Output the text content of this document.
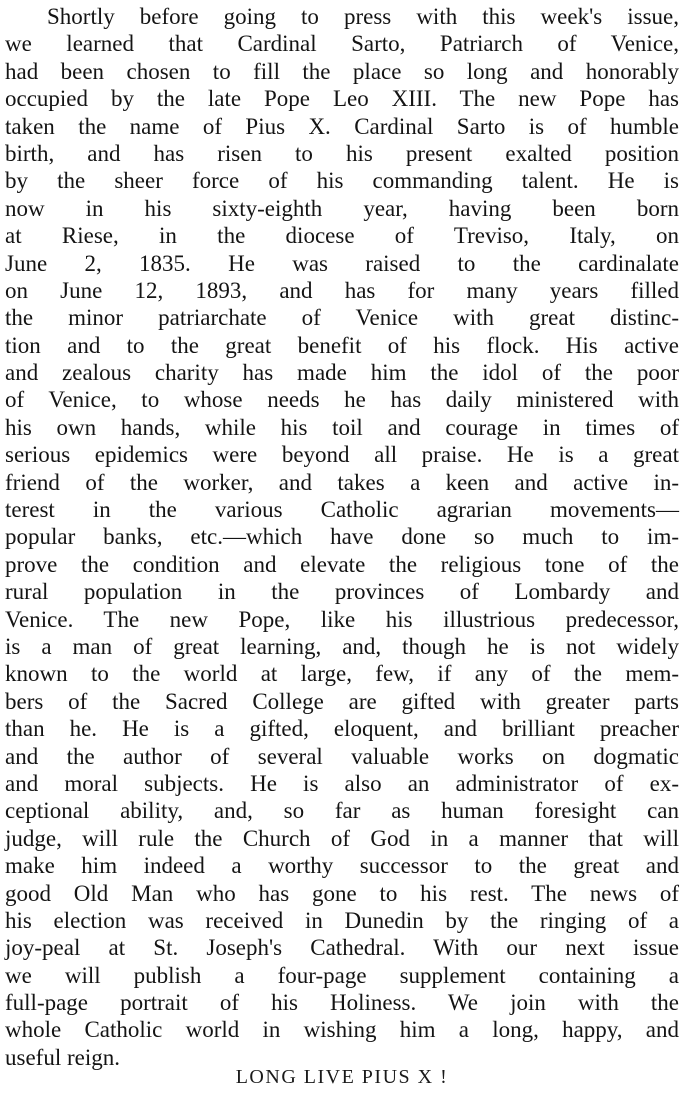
Shortly before going to press with this week's issue,
we learned that Cardinal Sarto, Patriarch of Venice,
had been chosen to fill the place so long and honorably
occupied by the late Pope Leo XIII. The new Pope has
taken the name of Pius X. Cardinal Sarto is of humble
birth, and has risen to his present exalted position
by the sheer force of his commanding talent. He is
now in his sixty-eighth year, having been born
at Riese, in the diocese of Treviso, Italy, on
June 2, 1835. He was raised to the cardinalate
on June 12, 1893, and has for many years filled
the minor patriarchate of Venice with great distinc-
tion and to the great benefit of his flock. His active
and zealous charity has made him the idol of the poor
of Venice, to whose needs he has daily ministered with
his own hands, while his toil and courage in times of
serious epidemics were beyond all praise. He is a great
friend of the worker, and takes a keen and active in-
terest in the various Catholic agrarian movements—
popular banks, etc.—which have done so much to im-
prove the condition and elevate the religious tone of the
rural population in the provinces of Lombardy and
Venice. The new Pope, like his illustrious predecessor,
is a man of great learning, and, though he is not widely
known to the world at large, few, if any of the mem-
bers of the Sacred College are gifted with greater parts
than he. He is a gifted, eloquent, and brilliant preacher
and the author of several valuable works on dogmatic
and moral subjects. He is also an administrator of ex-
ceptional ability, and, so far as human foresight can
judge, will rule the Church of God in a manner that will
make him indeed a worthy successor to the great and
good Old Man who has gone to his rest. The news of
his election was received in Dunedin by the ringing of a
joy-peal at St. Joseph's Cathedral. With our next issue
we will publish a four-page supplement containing a
full-page portrait of his Holiness. We join with the
whole Catholic world in wishing him a long, happy, and
useful reign.
LONG LIVE PIUS X !
